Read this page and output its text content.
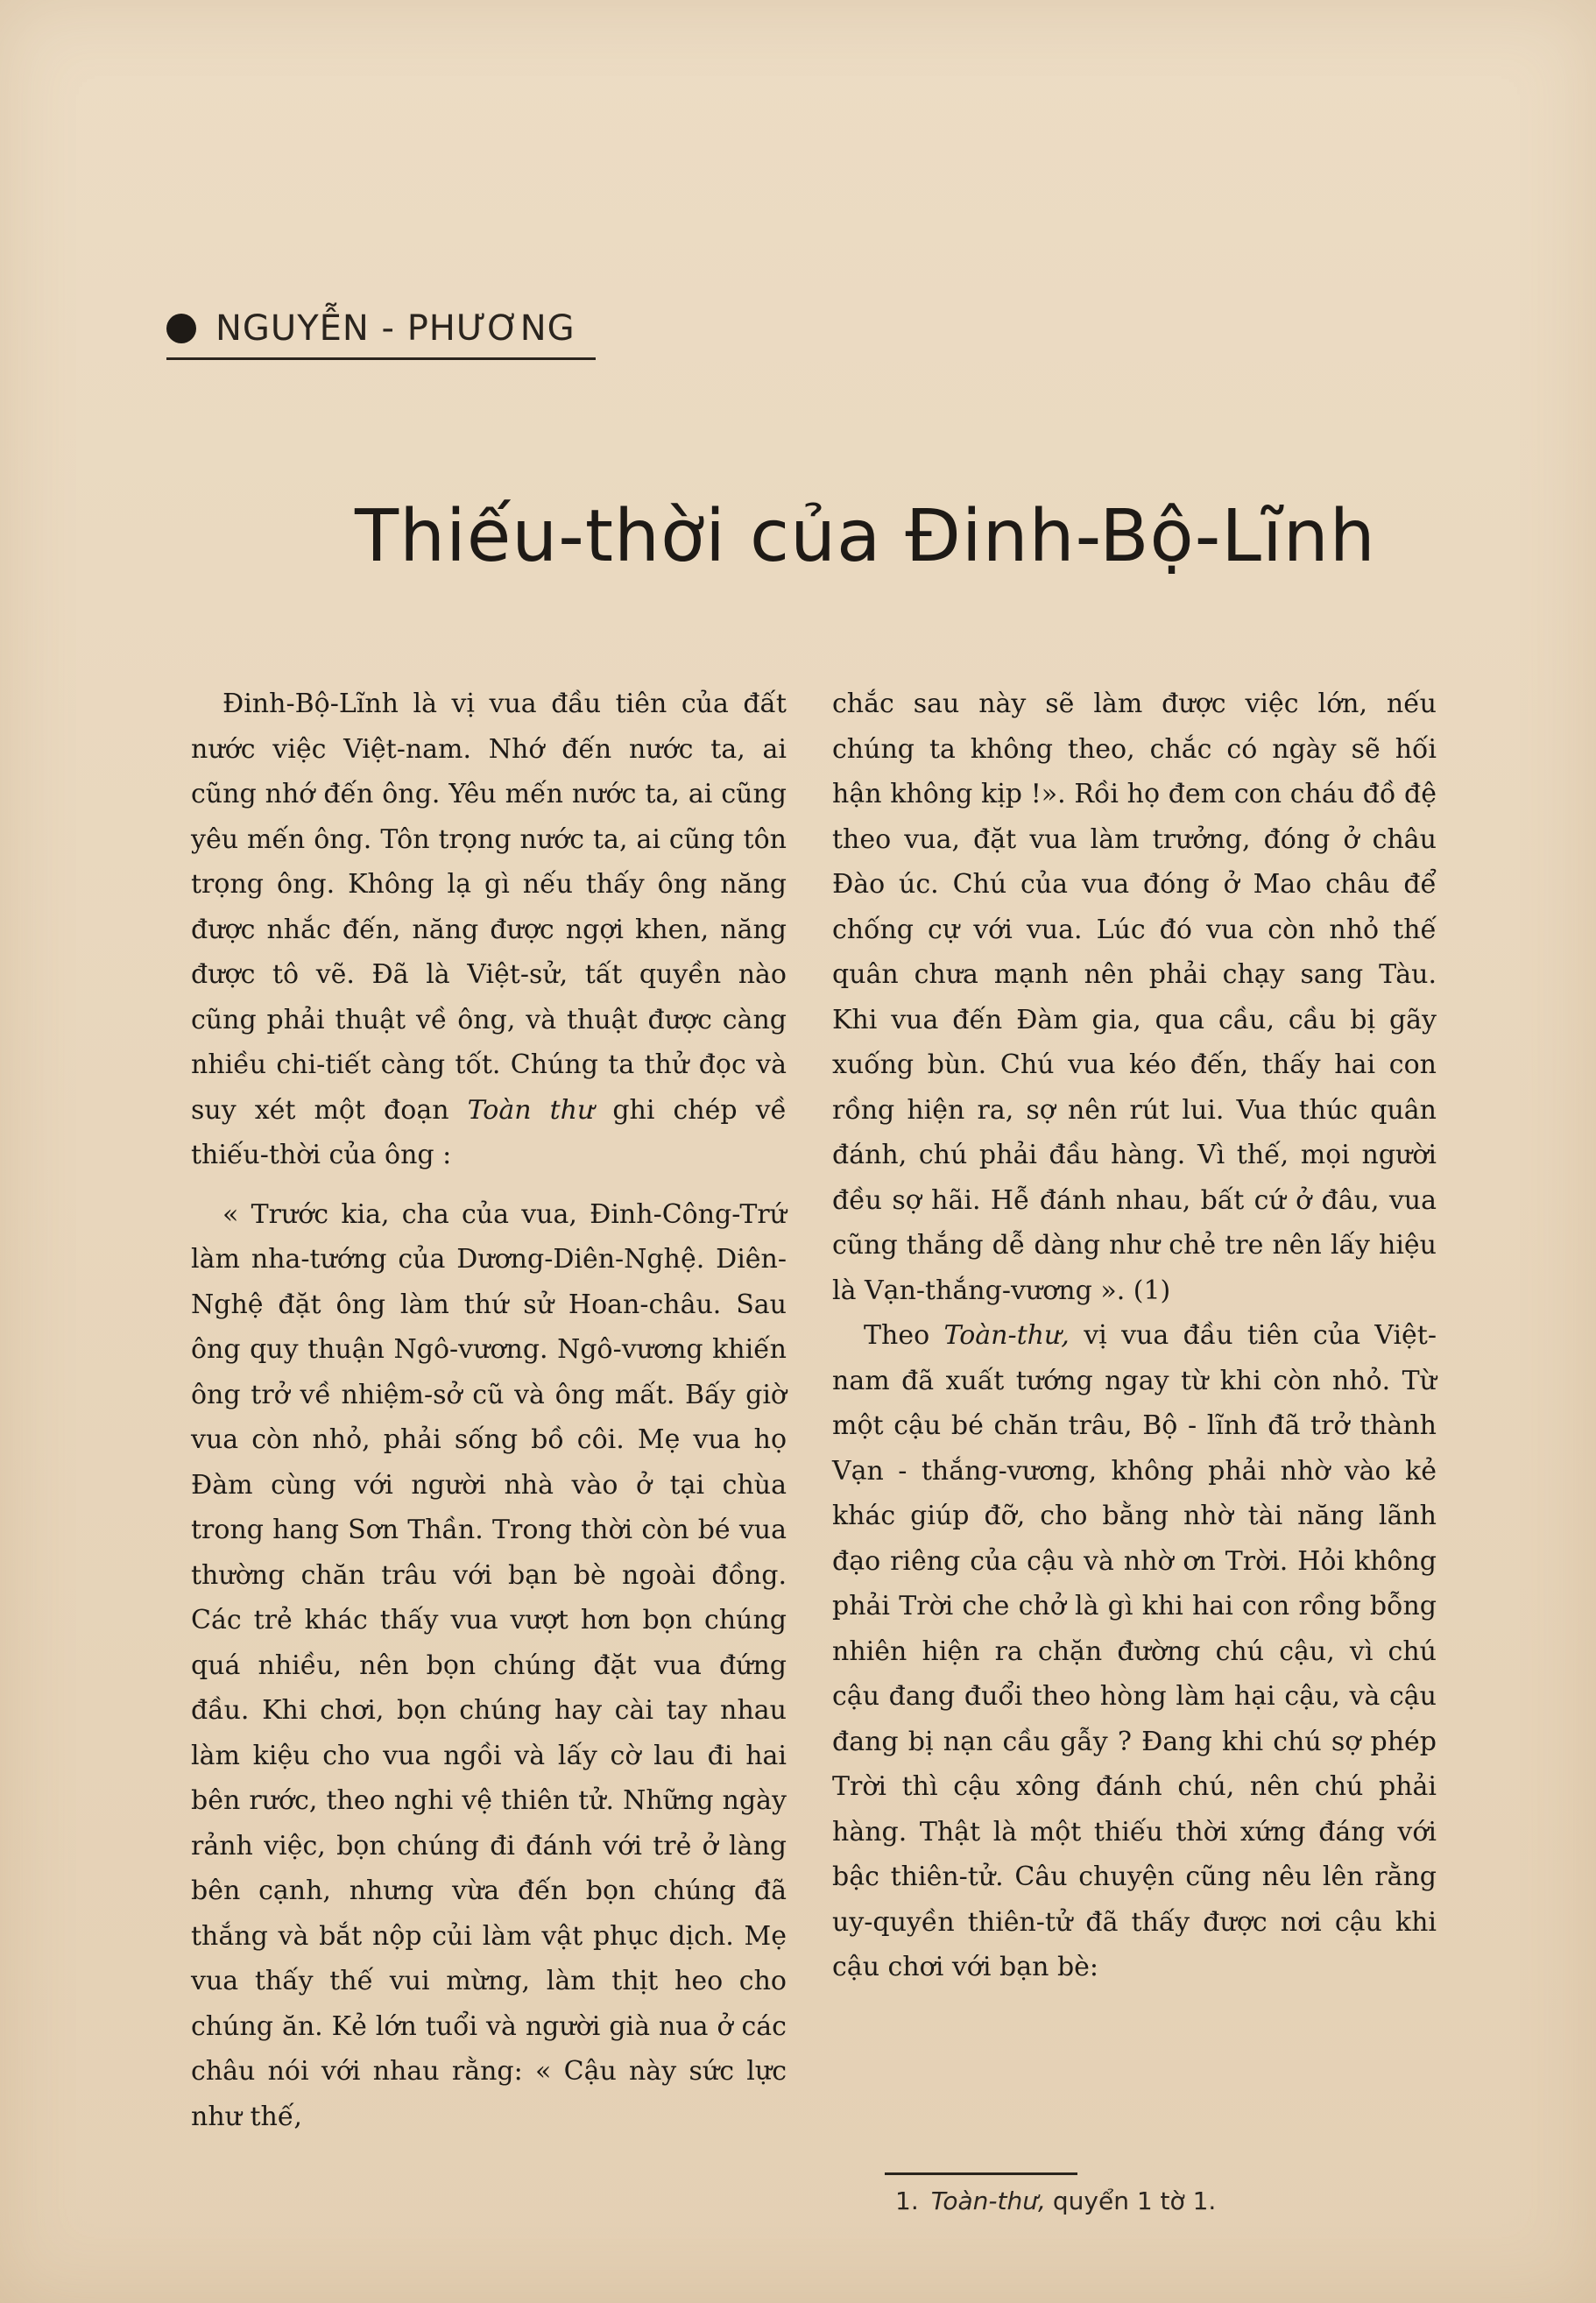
NGUYỄN - PHƯƠNG
Thiếu-thời của Đinh-Bộ-Lĩnh

Đinh-Bộ-Lĩnh là vị vua đầu tiên của đất nước việc Việt-nam. Nhớ đến nước ta, ai cũng nhớ đến ông. Yêu mến nước ta, ai cũng yêu mến ông. Tôn trọng nước ta, ai cũng tôn trọng ông. Không lạ gì nếu thấy ông năng được nhắc đến, năng được ngợi khen, năng được tô vẽ. Đã là Việt-sử, tất quyền nào cũng phải thuật về ông, và thuật được càng nhiều chi-tiết càng tốt. Chúng ta thử đọc và suy xét một đoạn Toàn thư ghi chép về thiếu-thời của ông :

« Trước kia, cha của vua, Đinh-Công-Trứ làm nha-tướng của Dương-Diên-Nghệ. Diên-Nghệ đặt ông làm thứ sử Hoan-châu. Sau ông quy thuận Ngô-vương. Ngô-vương khiến ông trở về nhiệm-sở cũ và ông mất. Bấy giờ vua còn nhỏ, phải sống bồ côi. Mẹ vua họ Đàm cùng với người nhà vào ở tại chùa trong hang Sơn Thần. Trong thời còn bé vua thường chăn trâu với bạn bè ngoài đồng. Các trẻ khác thấy vua vượt hơn bọn chúng quá nhiều, nên bọn chúng đặt vua đứng đầu. Khi chơi, bọn chúng hay cài tay nhau làm kiệu cho vua ngồi và lấy cờ lau đi hai bên rước, theo nghi vệ thiên tử. Những ngày rảnh việc, bọn chúng đi đánh với trẻ ở làng bên cạnh, nhưng vừa đến bọn chúng đã thắng và bắt nộp củi làm vật phục dịch. Mẹ vua thấy thế vui mừng, làm thịt heo cho chúng ăn. Kẻ lớn tuổi và người già nua ở các châu nói với nhau rằng: « Cậu này sức lực như thế,

chắc sau này sẽ làm được việc lớn, nếu chúng ta không theo, chắc có ngày sẽ hối hận không kịp !». Rồi họ đem con cháu đồ đệ theo vua, đặt vua làm trưởng, đóng ở châu Đào úc. Chú của vua đóng ở Mao châu để chống cự với vua. Lúc đó vua còn nhỏ thế quân chưa mạnh nên phải chạy sang Tàu. Khi vua đến Đàm gia, qua cầu, cầu bị gãy xuống bùn. Chú vua kéo đến, thấy hai con rồng hiện ra, sợ nên rút lui. Vua thúc quân đánh, chú phải đầu hàng. Vì thế, mọi người đều sợ hãi. Hễ đánh nhau, bất cứ ở đâu, vua cũng thắng dễ dàng như chẻ tre nên lấy hiệu là Vạn-thắng-vương ». (1)

Theo Toàn-thư, vị vua đầu tiên của Việt-nam đã xuất tướng ngay từ khi còn nhỏ. Từ một cậu bé chăn trâu, Bộ - lĩnh đã trở thành Vạn - thắng-vương, không phải nhờ vào kẻ khác giúp đỡ, cho bằng nhờ tài năng lãnh đạo riêng của cậu và nhờ ơn Trời. Hỏi không phải Trời che chở là gì khi hai con rồng bỗng nhiên hiện ra chặn đường chú cậu, vì chú cậu đang đuổi theo hòng làm hại cậu, và cậu đang bị nạn cầu gẫy ? Đang khi chú sợ phép Trời thì cậu xông đánh chú, nên chú phải hàng. Thật là một thiếu thời xứng đáng với bậc thiên-tử. Câu chuyện cũng nêu lên rằng uy-quyền thiên-tử đã thấy được nơi cậu khi cậu chơi với bạn bè:

1. Toàn-thư, quyển 1 tờ 1.
